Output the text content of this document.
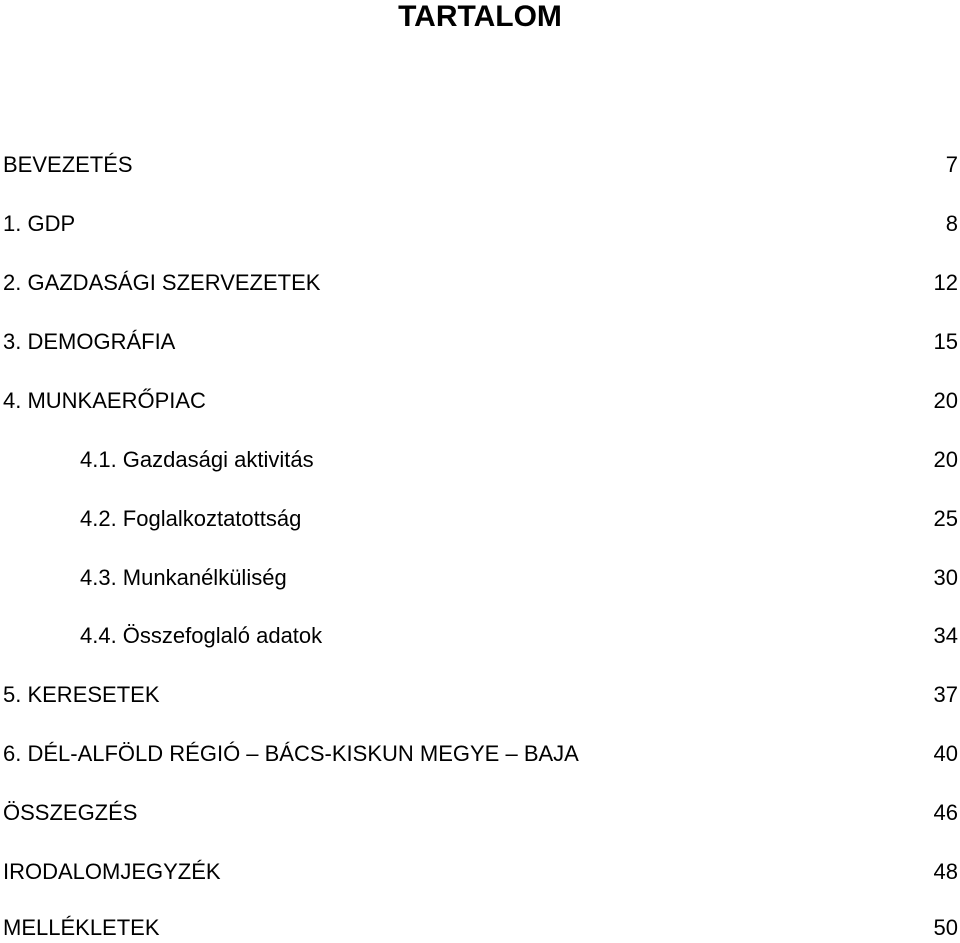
TARTALOM
BEVEZETÉS	7
1. GDP	8
2. GAZDASÁGI SZERVEZETEK	12
3. DEMOGRÁFIA	15
4. MUNKAERŐPIAC	20
4.1. Gazdasági aktivitás	20
4.2. Foglalkoztatottság	25
4.3. Munkanélküliség	30
4.4. Összefoglaló adatok	34
5. KERESETEK	37
6. DÉL-ALFÖLD RÉGIÓ – BÁCS-KISKUN MEGYE – BAJA	40
ÖSSZEGZÉS	46
IRODALOMJEGYZÉK	48
MELLÉKLETEK	50
